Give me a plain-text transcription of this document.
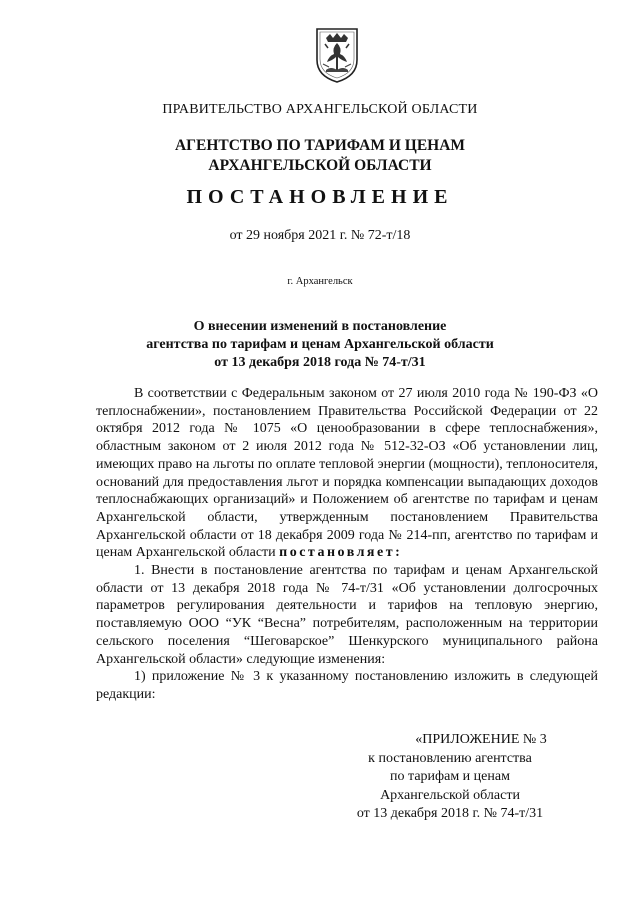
ПРАВИТЕЛЬСТВО АРХАНГЕЛЬСКОЙ ОБЛАСТИ
АГЕНТСТВО ПО ТАРИФАМ И ЦЕНАМ
АРХАНГЕЛЬСКОЙ ОБЛАСТИ
ПОСТАНОВЛЕНИЕ
от 29 ноября 2021 г. № 72-т/18
г. Архангельск
О внесении изменений в постановление
агентства по тарифам и ценам Архангельской области
от 13 декабря 2018 года № 74-т/31

В соответствии с Федеральным законом от 27 июля 2010 года № 190-ФЗ «О теплоснабжении», постановлением Правительства Российской Федерации от 22 октября 2012 года № 1075 «О ценообразовании в сфере теплоснабжения», областным законом от 2 июля 2012 года № 512-32-ОЗ «Об установлении лиц, имеющих право на льготы по оплате тепловой энергии (мощности), теплоносителя, оснований для предоставления льгот и порядка компенсации выпадающих доходов теплоснабжающих организаций» и Положением об агентстве по тарифам и ценам Архангельской области, утвержденным постановлением Правительства Архангельской области от 18 декабря 2009 года № 214-пп, агентство по тарифам и ценам Архангельской области постановляет:

1. Внести в постановление агентства по тарифам и ценам Архангельской области от 13 декабря 2018 года № 74-т/31 «Об установлении долгосрочных параметров регулирования деятельности и тарифов на тепловую энергию, поставляемую ООО “УК “Весна” потребителям, расположенным на территории сельского поселения “Шеговарское” Шенкурского муниципального района Архангельской области» следующие изменения:

1) приложение № 3 к указанному постановлению изложить в следующей редакции:

«ПРИЛОЖЕНИЕ № 3
к постановлению агентства
по тарифам и ценам
Архангельской области
от 13 декабря 2018 г. № 74-т/31
